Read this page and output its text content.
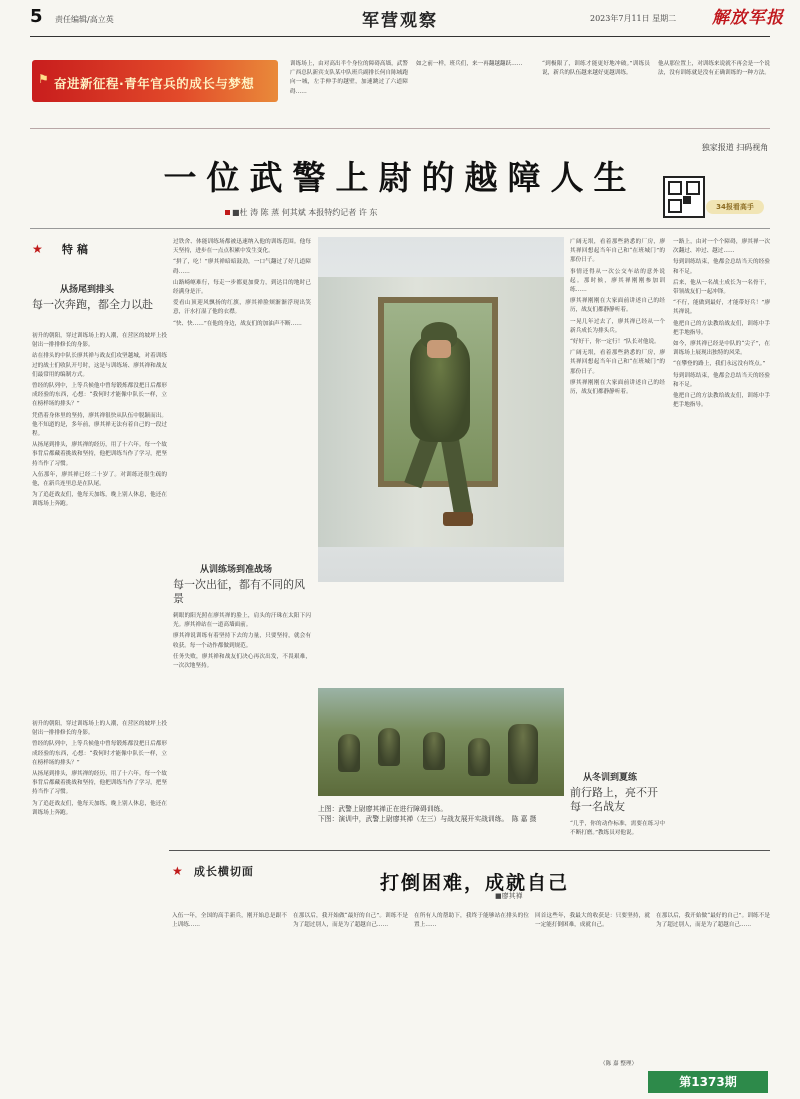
5 责任编辑/高立英	军营观察	2023年7月11日 星期二 解放军报
⚑ 奋进新征程·青年官兵的成长与梦想
训练场上，由对高出半个身位的障碍高墙，武警广西总队新宾支队某中队班兵副排长何自陈城跑向一城，左手伸手的越壁，加速跳过了六道障碍……
如之前一样，班兵们，来一再翻越翻跃……	“到极限了，训练才能更好地冲破。”训练员说，新兵的队伍越来越好更越训练。
他从那位置上，对训练来说就不再会是一个说法，没有训练就是没有正确训练的一种方法。
一位武警上尉的越障人生
■杜 涛 陈 蒸 何其斌 本报特约记者 许 东
独家报道 扫码视角
34报看高手
★ 特稿
从扬尾到排头
每一次奔跑，都全力以赴

初升的朝阳，穿过训练场上的人潮，在营区的坡坪上投射出一排排修长的身影。

站在排头的中队长廖其禅与战友们攻坚越城，对着训练过的战士们收队开号时，这是与训练场、廖其禅和战友们最常用的编制方式。

曾经的队列中，上等兵候他中曾每锻炼都没把日后都形成经验的东西，心想：“我何时才能像中队长一样，立在榜样场的排头？”

凭借着身体里的坚持，廖其禅很快从队伍中脱颖而出。他不知道的是，多年前，廖其禅无法有着自己的一段过程。

从扬尾到排头，廖其禅的经历，用了十六年。每一个故事背后都藏着挑战和坚持，他把训练当作了学习，把坚持当作了习惯。

入伍那年，廖其禅已经二十岁了。对训练还很生疏的他，在新兵连里总是在队尾。

为了追赶战友们，他每天加练，晚上别人休息，他还在训练场上奔跑。

初升的朝阳，穿过训练场上的人潮，在营区的坡坪上投射出一排排修长的身影。

曾经的队列中，上等兵候他中曾每锻炼都没把日后都形成经验的东西，心想：“我何时才能像中队长一样，立在榜样场的排头？”

从扬尾到排头，廖其禅的经历，用了十六年。每一个故事背后都藏着挑战和坚持，他把训练当作了学习，把坚持当作了习惯。

为了追赶战友们，他每天加练，晚上别人休息，他还在训练场上奔跑。

过铁舍、体能训练场都被迅速纳入他的训练范围。他每天坚持，进步在一点点积累中发生变化。

“拼了，吃！”廖其禅暗暗鼓劲，一口气翻过了好几道障碍……

山路崎岖难行，每走一步都更加费力，到达目的地时已经满身是汗。

爱看山顶迎风飘扬的红旗，廖其禅脸颊渐渐浮现出笑意，汗水打湿了他的衣襟。

“快、快……”在他的身边，战友们的加油声不断……

从训练场到准战场
每一次出征，都有不同的风景

刺眼的阳光照在廖其禅的脸上，肩头的汗珠在太阳下闪光。廖其禅站在一道高墙面前。

廖其禅说训练有着坚持下去的力量，只要坚持，就会有收获。每一个动作都做到规范。

任务失败，廖其禅和战友们决心再次出发，不畏艰难，一次次地坚持。

上图：武警上尉廖其禅正在进行障碍训练。
下图：演训中，武警上尉廖其禅（左三）与战友展开实战训练。　陈 嘉 摄

广阔无垠，看着那些熟悉的厂房，廖其禅回想起当年自己和“在班城门”的那份日子。

事情还得从一次公交车站的意外说起。那时候，廖其禅刚刚参加训练……

廖其禅刚刚在大家面前讲述自己的经历，战友们都静静听着。

一晃几年过去了，廖其禅已经从一个新兵成长为排头兵。

“好好干，你一定行！”队长对他说。

广阔无垠，看着那些熟悉的厂房，廖其禅回想起当年自己和“在班城门”的那份日子。

廖其禅刚刚在大家面前讲述自己的经历，战友们都静静听着。

从冬训到夏练
前行路上，亮不开每一名战友
“几乎，你的动作标准，需要在练习中不断打磨。”教练员对他说。

一路上，由对一个个障碍，廖其禅一次次翻过、冲过、越过……

每到训练结束，他都会总结当天的经验和不足。

后来，他从一名战士成长为一名骨干，带领战友们一起冲锋。

“不行，能做到最好，才能带好兵！”廖其禅说。

他把自己的方法教给战友们，训练中手把手地指导。

如今，廖其禅已经是中队的“尖子”，在训练场上展现出独特的风采。

“在攀登的路上，我们永远没有终点。”

每到训练结束，他都会总结当天的经验和不足。

他把自己的方法教给战友们，训练中手把手地指导。

★ 成长横切面
打倒困难，成就自己
■廖其禅
入伍一年，全国的高手新兵，刚开始总是跟不上训练……
在那以后，我开始做“最好的自己”。训练不是为了超过别人，而是为了超越自己……
在所有人的帮助下，我终于能够站在排头的位置上……
回首这些年，我最大的收获是：只要坚持，就一定能打倒困难，成就自己。
（陈 嘉 整理）
在那以后，我开始做“最好的自己”。训练不是为了超过别人，而是为了超越自己……
第1373期
